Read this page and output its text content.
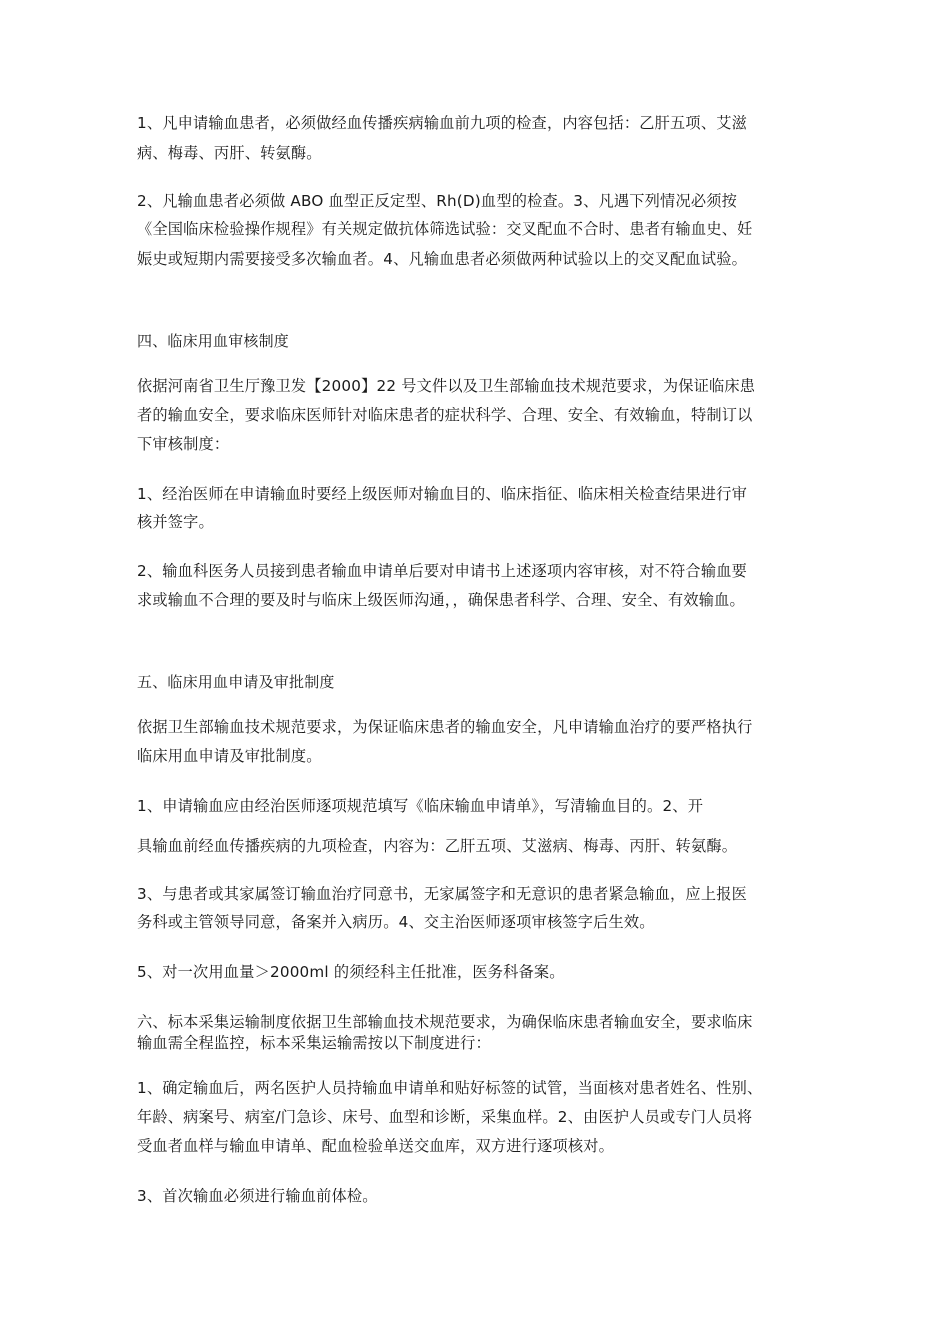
1、凡申请输血患者，必须做经血传播疾病输血前九项的检查，内容包括：乙肝五项、艾滋
病、梅毒、丙肝、转氨酶。
2、凡输血患者必须做 ABO 血型正反定型、Rh(D)血型的检查。3、凡遇下列情况必须按
《全国临床检验操作规程》有关规定做抗体筛选试验：交叉配血不合时、患者有输血史、妊
娠史或短期内需要接受多次输血者。4、凡输血患者必须做两种试验以上的交叉配血试验。
四、临床用血审核制度
依据河南省卫生厅豫卫发【2000】22 号文件以及卫生部输血技术规范要求，为保证临床患
者的输血安全，要求临床医师针对临床患者的症状科学、合理、安全、有效输血，特制订以
下审核制度：
1、经治医师在申请输血时要经上级医师对输血目的、临床指征、临床相关检查结果进行审
核并签字。
2、输血科医务人员接到患者输血申请单后要对申请书上述逐项内容审核，对不符合输血要
求或输血不合理的要及时与临床上级医师沟通，，确保患者科学、合理、安全、有效输血。
五、临床用血申请及审批制度
依据卫生部输血技术规范要求，为保证临床患者的输血安全，凡申请输血治疗的要严格执行
临床用血申请及审批制度。
1、申请输血应由经治医师逐项规范填写《临床输血申请单》，写清输血目的。2、开
具输血前经血传播疾病的九项检查，内容为：乙肝五项、艾滋病、梅毒、丙肝、转氨酶。
3、与患者或其家属签订输血治疗同意书，无家属签字和无意识的患者紧急输血，应上报医
务科或主管领导同意，备案并入病历。4、交主治医师逐项审核签字后生效。
5、对一次用血量＞2000ml 的须经科主任批准，医务科备案。
六、标本采集运输制度依据卫生部输血技术规范要求，为确保临床患者输血安全，要求临床
输血需全程监控，标本采集运输需按以下制度进行：
1、确定输血后，两名医护人员持输血申请单和贴好标签的试管，当面核对患者姓名、性别、
年龄、病案号、病室/门急诊、床号、血型和诊断，采集血样。2、由医护人员或专门人员将
受血者血样与输血申请单、配血检验单送交血库，双方进行逐项核对。
3、首次输血必须进行输血前体检。
